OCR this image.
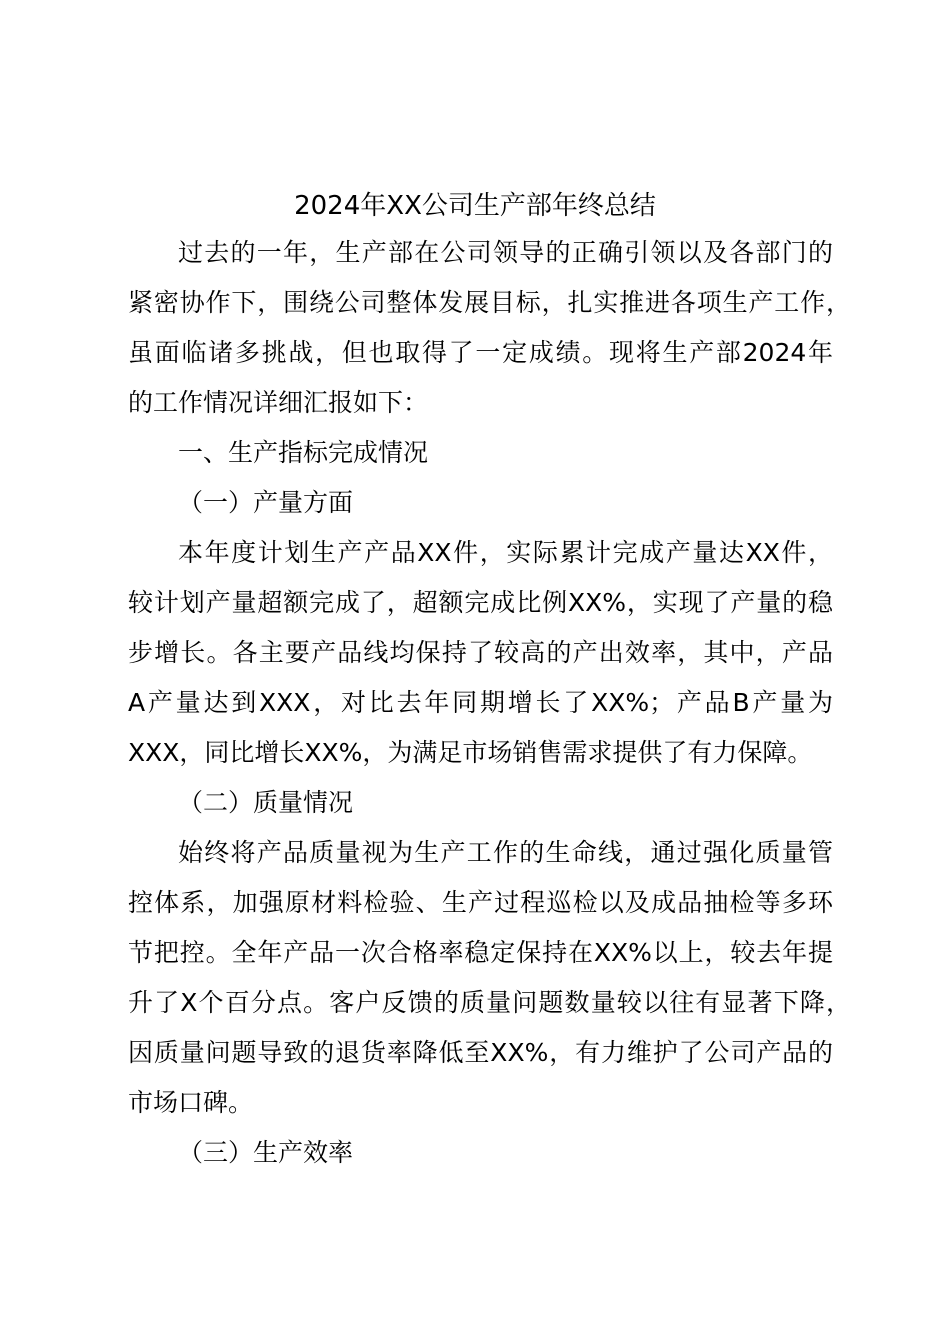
2024年XX公司生产部年终总结

过去的一年，生产部在公司领导的正确引领以及各部门的

紧密协作下，围绕公司整体发展目标，扎实推进各项生产工作，

虽面临诸多挑战，但也取得了一定成绩。现将生产部2024年

的工作情况详细汇报如下：

一、生产指标完成情况

（一）产量方面

本年度计划生产产品XX件，实际累计完成产量达XX件，

较计划产量超额完成了，超额完成比例XX%，实现了产量的稳

步增长。各主要产品线均保持了较高的产出效率，其中，产品

A产量达到XXX，对比去年同期增长了XX%；产品B产量为

XXX，同比增长XX%，为满足市场销售需求提供了有力保障。

（二）质量情况

始终将产品质量视为生产工作的生命线，通过强化质量管

控体系，加强原材料检验、生产过程巡检以及成品抽检等多环

节把控。全年产品一次合格率稳定保持在XX%以上，较去年提

升了X个百分点。客户反馈的质量问题数量较以往有显著下降，

因质量问题导致的退货率降低至XX%，有力维护了公司产品的

市场口碑。

（三）生产效率
